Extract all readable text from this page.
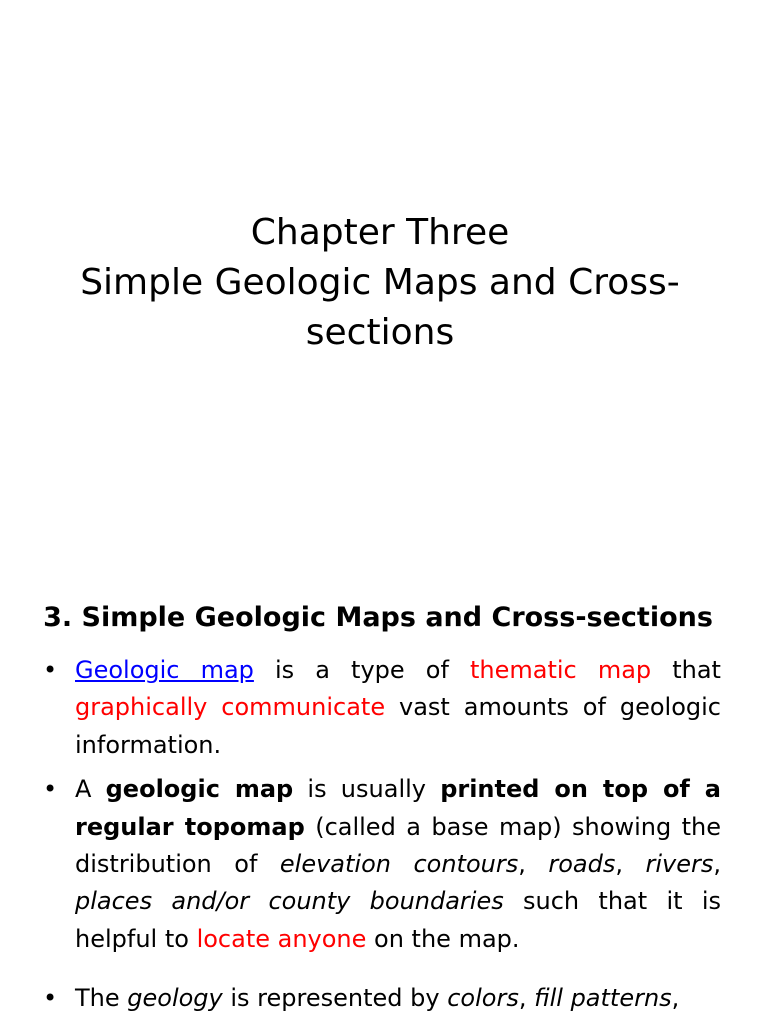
Chapter Three
Simple Geologic Maps and Cross-
sections
3. Simple Geologic Maps and Cross-sections
• Geologic map is a type of thematic map that graphically communicate vast amounts of geologic information.
• A geologic map is usually printed on top of a regular topomap (called a base map) showing the distribution of elevation contours, roads, rivers, places and/or county boundaries such that it is helpful to locate anyone on the map.
• The geology is represented by colors, fill patterns,
